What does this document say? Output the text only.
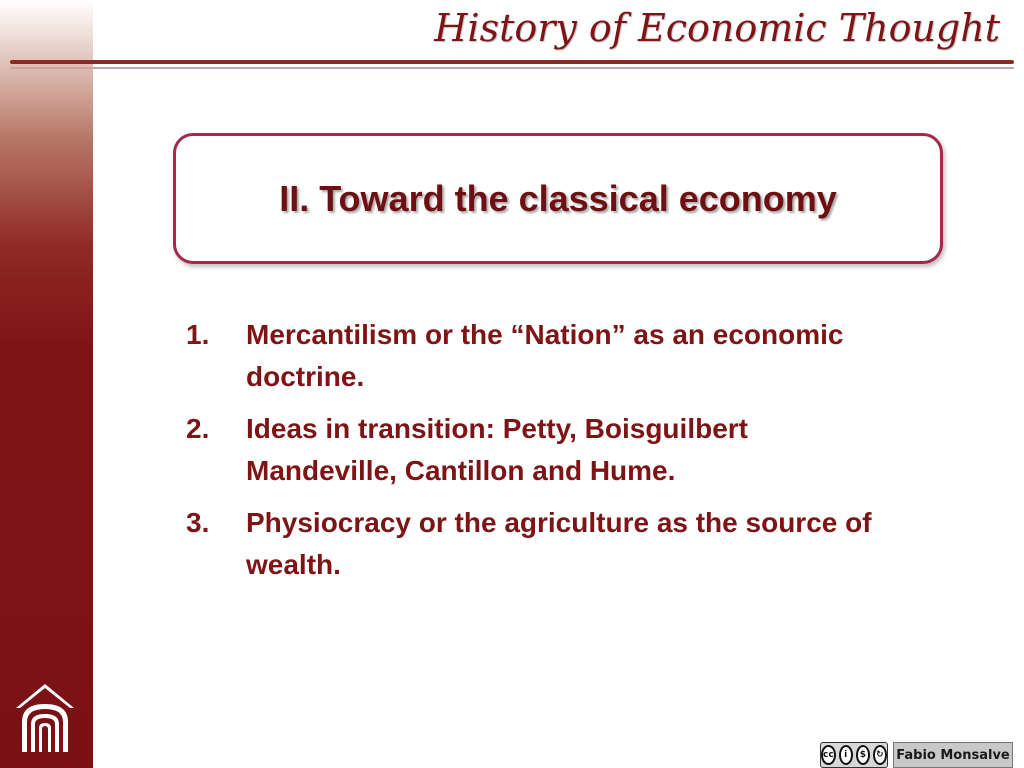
History of Economic Thought
II. Toward the classical economy
1. Mercantilism or the “Nation” as an economic doctrine.
2. Ideas in transition: Petty, Boisguilbert Mandeville, Cantillon and Hume.
3. Physiocracy or the agriculture as the source of wealth.
cc	i	$	↻ Fabio Monsalve
